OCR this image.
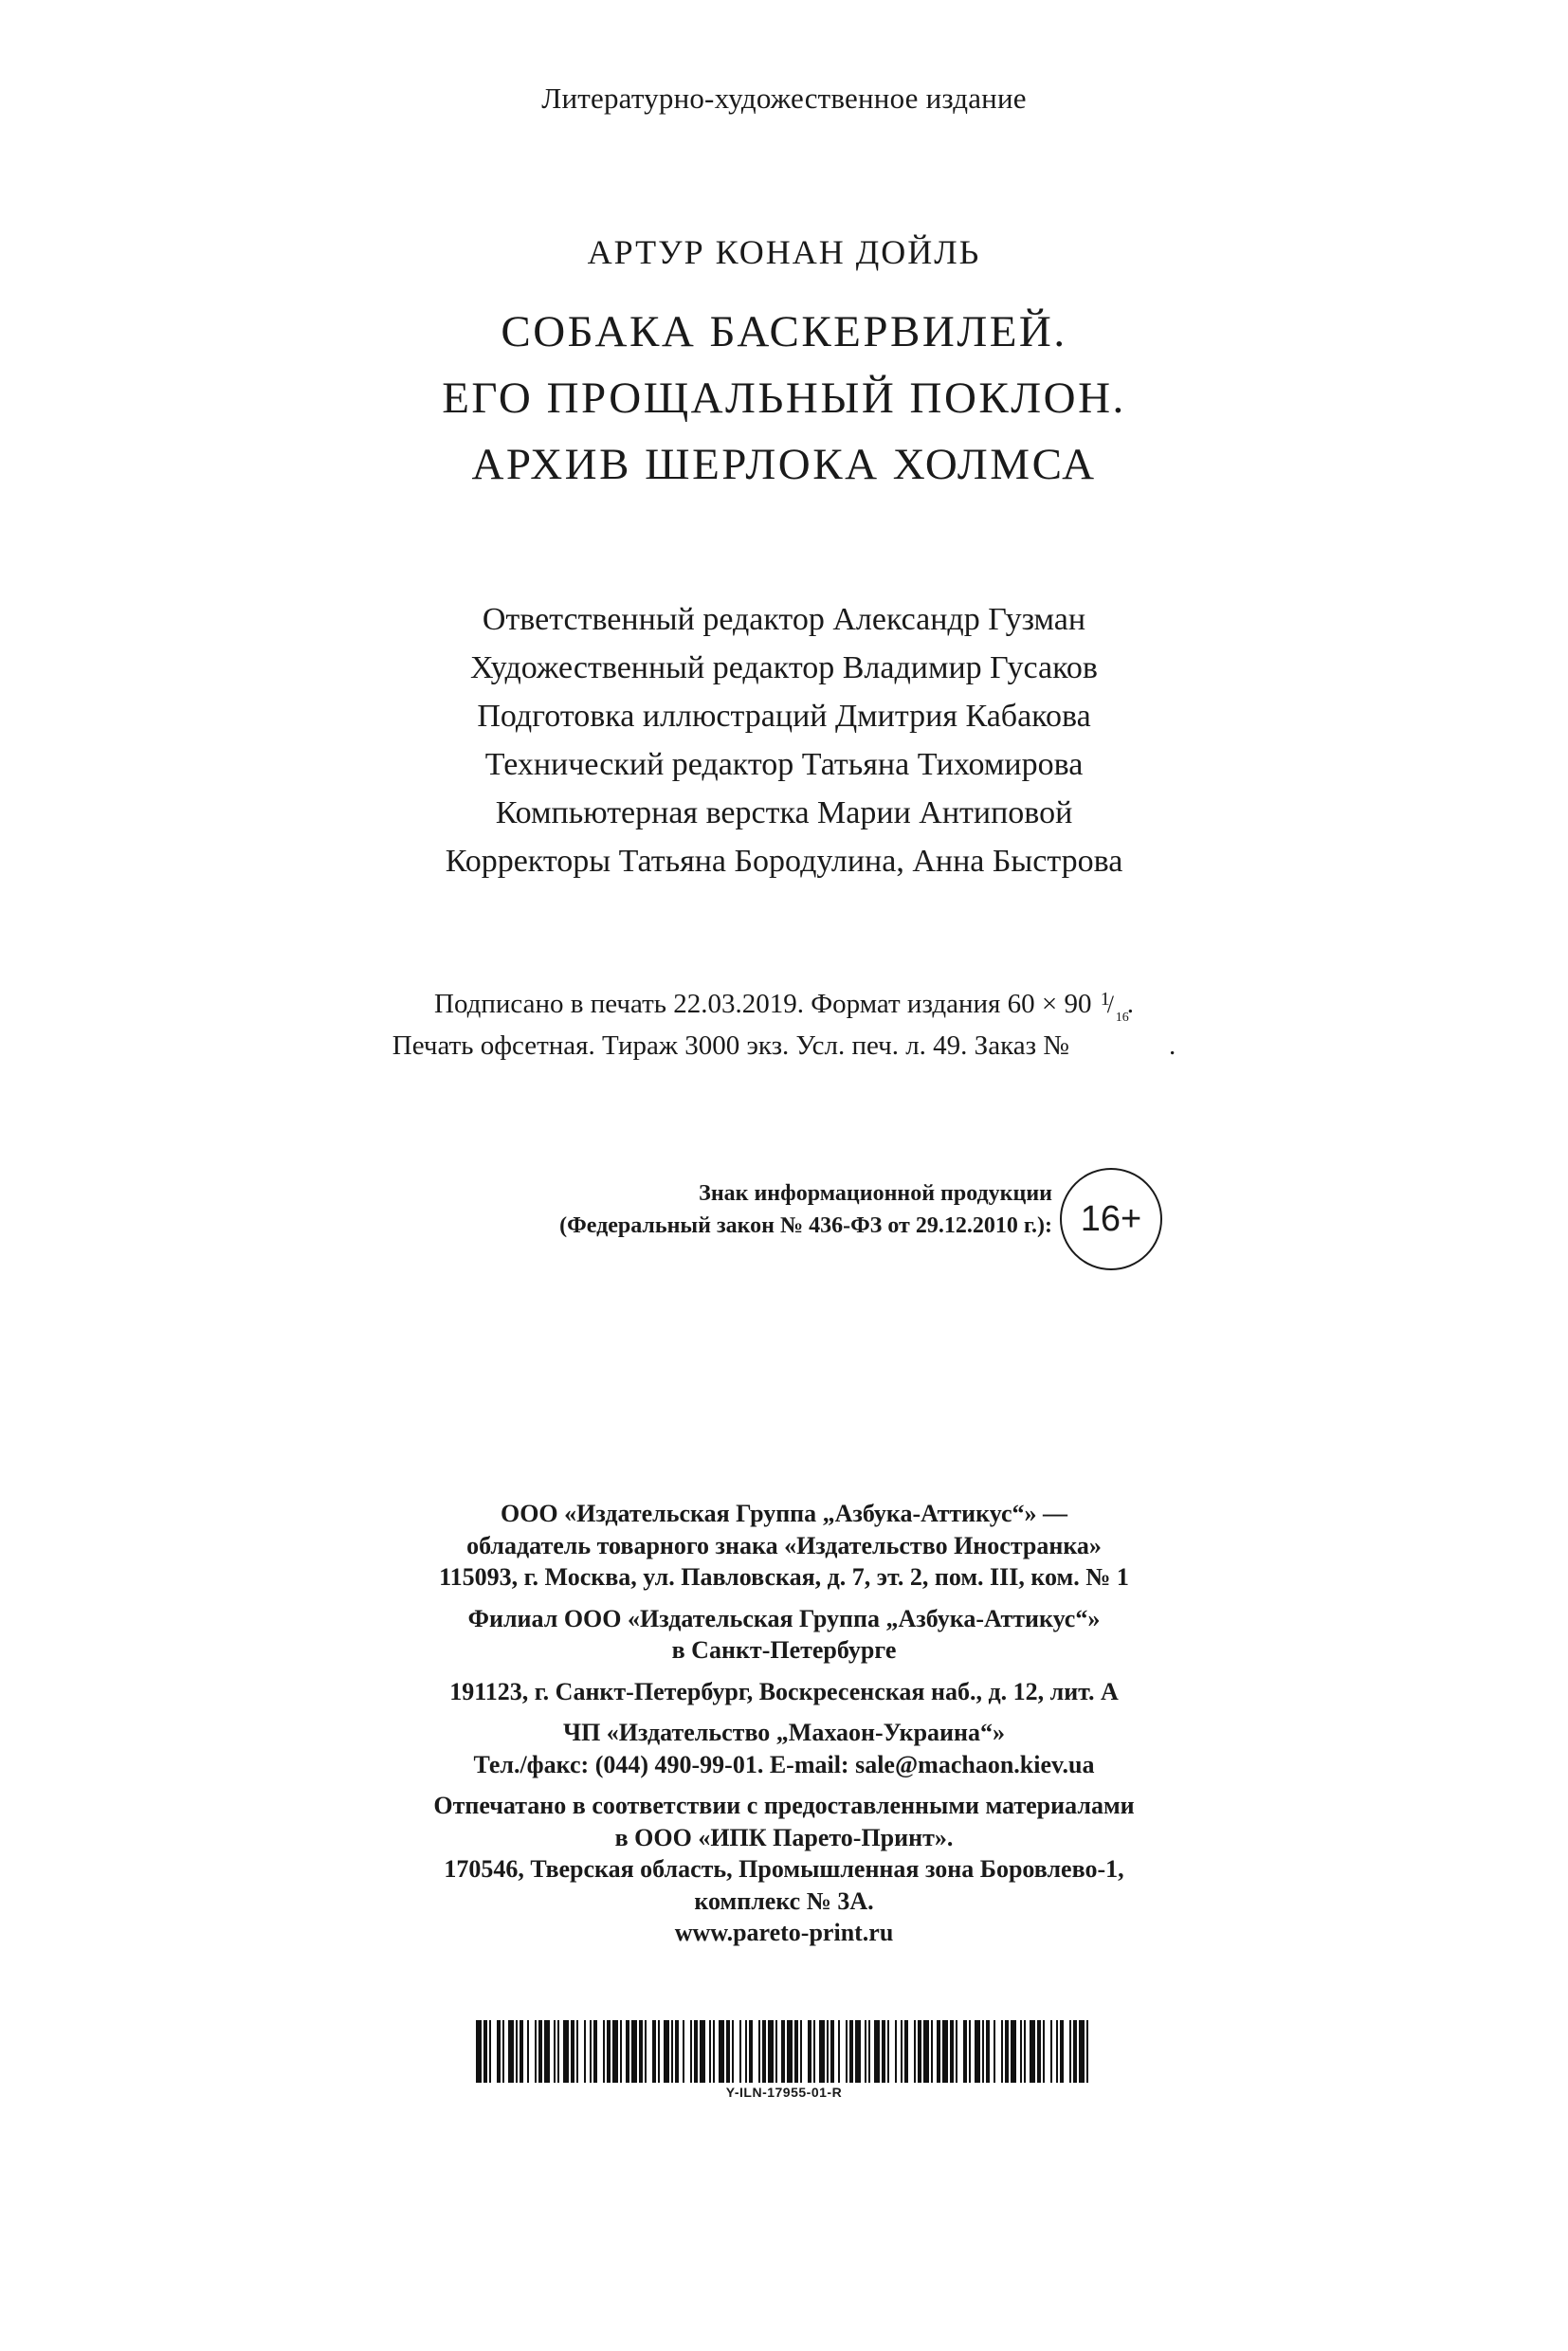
Литературно-художественное издание
АРТУР КОНАН ДОЙЛЬ
СОБАКА БАСКЕРВИЛЕЙ.
ЕГО ПРОЩАЛЬНЫЙ ПОКЛОН.
АРХИВ ШЕРЛОКА ХОЛМСА
Ответственный редактор Александр Гузман
Художественный редактор Владимир Гусаков
Подготовка иллюстраций Дмитрия Кабакова
Технический редактор Татьяна Тихомирова
Компьютерная верстка Марии Антиповой
Корректоры Татьяна Бородулина, Анна Быстрова
Подписано в печать 22.03.2019. Формат издания 60 × 90 1
/ 16
.
Печать офсетная. Тираж 3000 экз. Усл. печ. л. 49. Заказ №	.
Знак информационной продукции
(Федеральный закон № 436-ФЗ от 29.12.2010 г.): 16+
ООО «Издательская Группа „Азбука-Аттикус“» —
обладатель товарного знака «Издательство Иностранка»
115093, г. Москва, ул. Павловская, д. 7, эт. 2, пом. III, ком. № 1
Филиал ООО «Издательская Группа „Азбука-Аттикус“»
в Санкт-Петербурге
191123, г. Санкт-Петербург, Воскресенская наб., д. 12, лит. А
ЧП «Издательство „Махаон-Украина“»
Тел./факс: (044) 490-99-01. E-mail: sale@machaon.kiev.ua
Отпечатано в соответствии с предоставленными материалами
в ООО «ИПК Парето-Принт».
170546, Тверская область, Промышленная зона Боровлево-1,
комплекс № 3А.
www.pareto-print.ru
Y-ILN-17955-01-R
